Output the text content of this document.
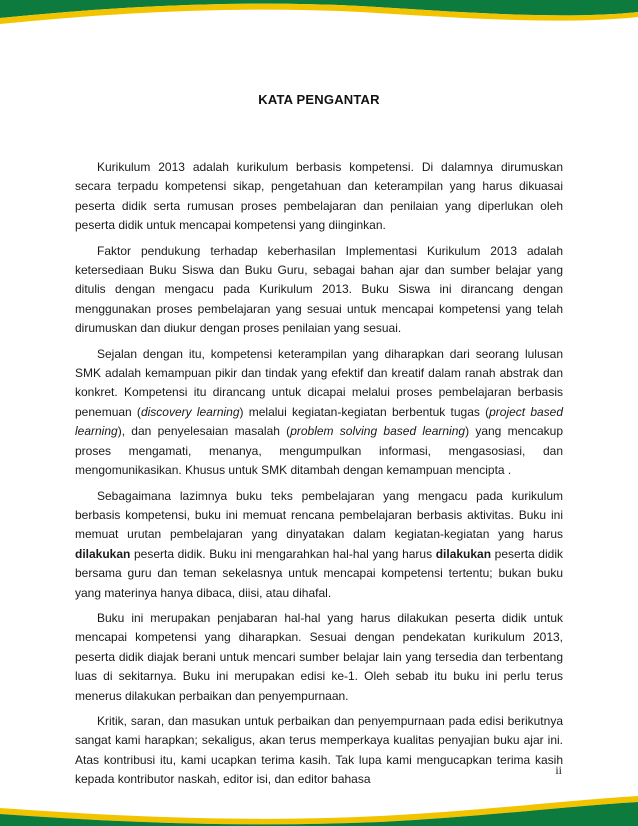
KATA PENGANTAR

Kurikulum 2013 adalah kurikulum berbasis kompetensi. Di dalamnya dirumuskan secara terpadu kompetensi sikap, pengetahuan dan keterampilan yang harus dikuasai peserta didik serta rumusan proses pembelajaran dan penilaian yang diperlukan oleh peserta didik untuk mencapai kompetensi yang diinginkan.

Faktor pendukung terhadap keberhasilan Implementasi Kurikulum 2013 adalah ketersediaan Buku Siswa dan Buku Guru, sebagai bahan ajar dan sumber belajar yang ditulis dengan mengacu pada Kurikulum 2013. Buku Siswa ini dirancang dengan menggunakan proses pembelajaran yang sesuai untuk mencapai kompetensi yang telah dirumuskan dan diukur dengan proses penilaian yang sesuai.

Sejalan dengan itu, kompetensi keterampilan yang diharapkan dari seorang lulusan SMK adalah kemampuan pikir dan tindak yang efektif dan kreatif dalam ranah abstrak dan konkret. Kompetensi itu dirancang untuk dicapai melalui proses pembelajaran berbasis penemuan (discovery learning) melalui kegiatan-kegiatan berbentuk tugas (project based learning), dan penyelesaian masalah (problem solving based learning) yang mencakup proses mengamati, menanya, mengumpulkan informasi, mengasosiasi, dan mengomunikasikan. Khusus untuk SMK ditambah dengan kemampuan mencipta .

Sebagaimana lazimnya buku teks pembelajaran yang mengacu pada kurikulum berbasis kompetensi, buku ini memuat rencana pembelajaran berbasis aktivitas. Buku ini memuat urutan pembelajaran yang dinyatakan dalam kegiatan-kegiatan yang harus dilakukan peserta didik. Buku ini mengarahkan hal-hal yang harus dilakukan peserta didik bersama guru dan teman sekelasnya untuk mencapai kompetensi tertentu; bukan buku yang materinya hanya dibaca, diisi, atau dihafal.

Buku ini merupakan penjabaran hal-hal yang harus dilakukan peserta didik untuk mencapai kompetensi yang diharapkan. Sesuai dengan pendekatan kurikulum 2013, peserta didik diajak berani untuk mencari sumber belajar lain yang tersedia dan terbentang luas di sekitarnya. Buku ini merupakan edisi ke-1. Oleh sebab itu buku ini perlu terus menerus dilakukan perbaikan dan penyempurnaan.

Kritik, saran, dan masukan untuk perbaikan dan penyempurnaan pada edisi berikutnya sangat kami harapkan; sekaligus, akan terus memperkaya kualitas penyajian buku ajar ini. Atas kontribusi itu, kami ucapkan terima kasih. Tak lupa kami mengucapkan terima kasih kepada kontributor naskah, editor isi, dan editor bahasa

ii
